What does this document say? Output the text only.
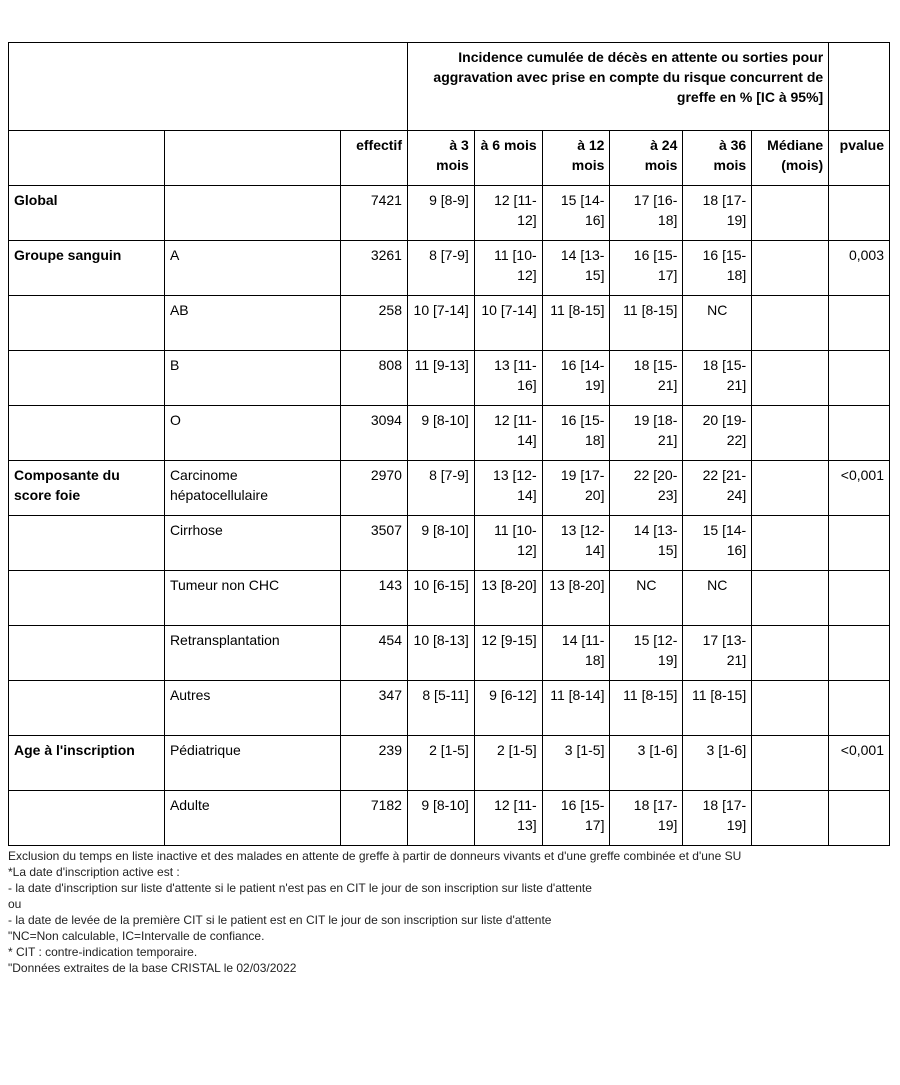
			Incidence cumulée de décès en attente ou sorties pour aggravation avec prise en compte du risque concurrent de greffe en % [IC à 95%]						
		effectif	à 3 mois	à 6 mois	à 12 mois	à 24 mois	à 36 mois	Médiane (mois)	pvalue
Global		7421	9 [8-9]	12 [11-12]	15 [14-16]	17 [16-18]	18 [17-19]		
Groupe sanguin	A	3261	8 [7-9]	11 [10-12]	14 [13-15]	16 [15-17]	16 [15-18]		0,003
	AB	258	10 [7-14]	10 [7-14]	11 [8-15]	11 [8-15]	NC		
	B	808	11 [9-13]	13 [11-16]	16 [14-19]	18 [15-21]	18 [15-21]		
	O	3094	9 [8-10]	12 [11-14]	16 [15-18]	19 [18-21]	20 [19-22]		
Composante du score foie	Carcinome hépatocellulaire	2970	8 [7-9]	13 [12-14]	19 [17-20]	22 [20-23]	22 [21-24]		<0,001
	Cirrhose	3507	9 [8-10]	11 [10-12]	13 [12-14]	14 [13-15]	15 [14-16]		
	Tumeur non CHC	143	10 [6-15]	13 [8-20]	13 [8-20]	NC	NC		
	Retransplantation	454	10 [8-13]	12 [9-15]	14 [11-18]	15 [12-19]	17 [13-21]		
	Autres	347	8 [5-11]	9 [6-12]	11 [8-14]	11 [8-15]	11 [8-15]		
Age à l'inscription	Pédiatrique	239	2 [1-5]	2 [1-5]	3 [1-5]	3 [1-6]	3 [1-6]		<0,001
	Adulte	7182	9 [8-10]	12 [11-13]	16 [15-17]	18 [17-19]	18 [17-19]		
Exclusion du temps en liste inactive et des malades en attente de greffe à partir de donneurs vivants et d'une greffe combinée et d'une SU
*La date d'inscription active est :
- la date d'inscription sur liste d'attente si le patient n'est pas en CIT le jour de son inscription sur liste d'attente
ou
- la date de levée de la première CIT si le patient est en CIT le jour de son inscription sur liste d'attente
"NC=Non calculable, IC=Intervalle de confiance.
* CIT : contre-indication temporaire.
"Données extraites de la base CRISTAL le 02/03/2022
